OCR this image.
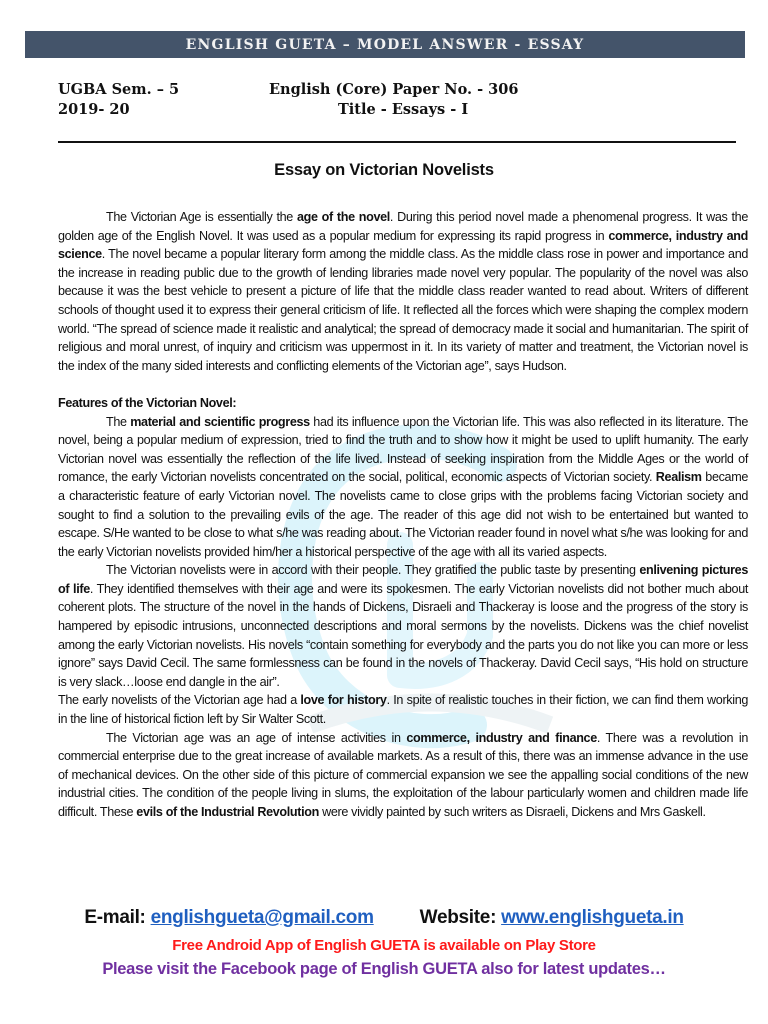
ENGLISH GUETA – MODEL ANSWER - ESSAY
UGBA Sem. – 5
2019- 20
English (Core) Paper No. - 306
Title - Essays - I
Essay on Victorian Novelists

The Victorian Age is essentially the age of the novel. During this period novel made a phenomenal progress. It was the golden age of the English Novel. It was used as a popular medium for expressing its rapid progress in commerce, industry and science. The novel became a popular literary form among the middle class. As the middle class rose in power and importance and the increase in reading public due to the growth of lending libraries made novel very popular. The popularity of the novel was also because it was the best vehicle to present a picture of life that the middle class reader wanted to read about. Writers of different schools of thought used it to express their general criticism of life. It reflected all the forces which were shaping the complex modern world. “The spread of science made it realistic and analytical; the spread of democracy made it social and humanitarian. The spirit of religious and moral unrest, of inquiry and criticism was uppermost in it. In its variety of matter and treatment, the Victorian novel is the index of the many sided interests and conflicting elements of the Victorian age”, says Hudson.

Features of the Victorian Novel:

The material and scientific progress had its influence upon the Victorian life. This was also reflected in its literature. The novel, being a popular medium of expression, tried to find the truth and to show how it might be used to uplift humanity. The early Victorian novel was essentially the reflection of the life lived. Instead of seeking inspiration from the Middle Ages or the world of romance, the early Victorian novelists concentrated on the social, political, economic aspects of Victorian society. Realism became a characteristic feature of early Victorian novel. The novelists came to close grips with the problems facing Victorian society and sought to find a solution to the prevailing evils of the age. The reader of this age did not wish to be entertained but wanted to escape. S/He wanted to be close to what s/he was reading about. The Victorian reader found in novel what s/he was looking for and the early Victorian novelists provided him/her a historical perspective of the age with all its varied aspects.

The Victorian novelists were in accord with their people. They gratified the public taste by presenting enlivening pictures of life. They identified themselves with their age and were its spokesmen. The early Victorian novelists did not bother much about coherent plots. The structure of the novel in the hands of Dickens, Disraeli and Thackeray is loose and the progress of the story is hampered by episodic intrusions, unconnected descriptions and moral sermons by the novelists. Dickens was the chief novelist among the early Victorian novelists. His novels “contain something for everybody and the parts you do not like you can more or less ignore” says David Cecil. The same formlessness can be found in the novels of Thackeray. David Cecil says, “His hold on structure is very slack…loose end dangle in the air”.

The early novelists of the Victorian age had a love for history. In spite of realistic touches in their fiction, we can find them working in the line of historical fiction left by Sir Walter Scott.

The Victorian age was an age of intense activities in commerce, industry and finance. There was a revolution in commercial enterprise due to the great increase of available markets. As a result of this, there was an immense advance in the use of mechanical devices. On the other side of this picture of commercial expansion we see the appalling social conditions of the new industrial cities. The condition of the people living in slums, the exploitation of the labour particularly women and children made life difficult. These evils of the Industrial Revolution were vividly painted by such writers as Disraeli, Dickens and Mrs Gaskell.

E-mail: englishgueta@gmail.com Website: www.englishgueta.in
Free Android App of English GUETA is available on Play Store
Please visit the Facebook page of English GUETA also for latest updates…
